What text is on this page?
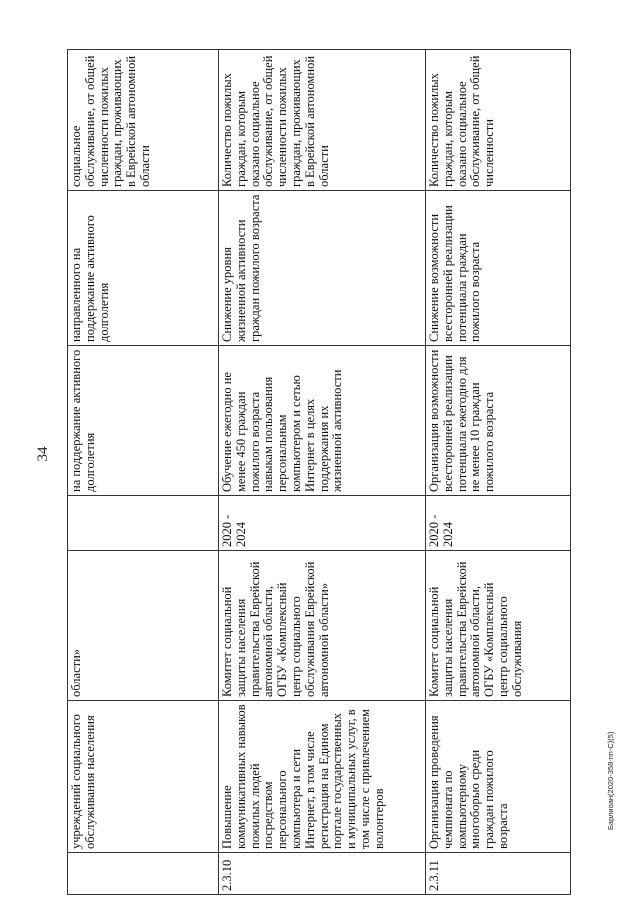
34
Барлиоан(2020-358-пп-С)(5)
	учреждений социального обслуживания населения	области»		на поддержание активного долголетия	направленного на поддержание активного долголетия	социальное обслуживание, от общей численности пожилых граждан, проживающих в Еврейской автономной области
2.3.10	Повышение коммуникативных навыков пожилых людей посредством персонального компьютера и сети Интернет, в том числе регистрация на Едином портале государственных и муниципальных услуг, в том числе с привлечением волонтеров	Комитет социальной защиты населения правительства Еврейской автономной области, ОГБУ «Комплексный центр социального обслуживания Еврейской автономной области»	2020 - 2024	Обучение ежегодно не менее 450 граждан пожилого возраста навыкам пользования персональным компьютером и сетью Интернет в целях поддержания их жизненной активности	Снижение уровня жизненной активности граждан пожилого возраста	Количество пожилых граждан, которым оказано социальное обслуживание, от общей численности пожилых граждан, проживающих в Еврейской автономной области
2.3.11	Организация проведения чемпионата по компьютерному многоборью среди граждан пожилого возраста	Комитет социальной защиты населения правительства Еврейской автономной области, ОГБУ «Комплексный центр социального обслуживания	2020 - 2024	Организация возможности всесторонней реализации потенциала ежегодно для не менее 10 граждан пожилого возраста	Снижение возможности всесторонней реализации потенциала граждан пожилого возраста	Количество пожилых граждан, которым оказано социальное обслуживание, от общей численности
